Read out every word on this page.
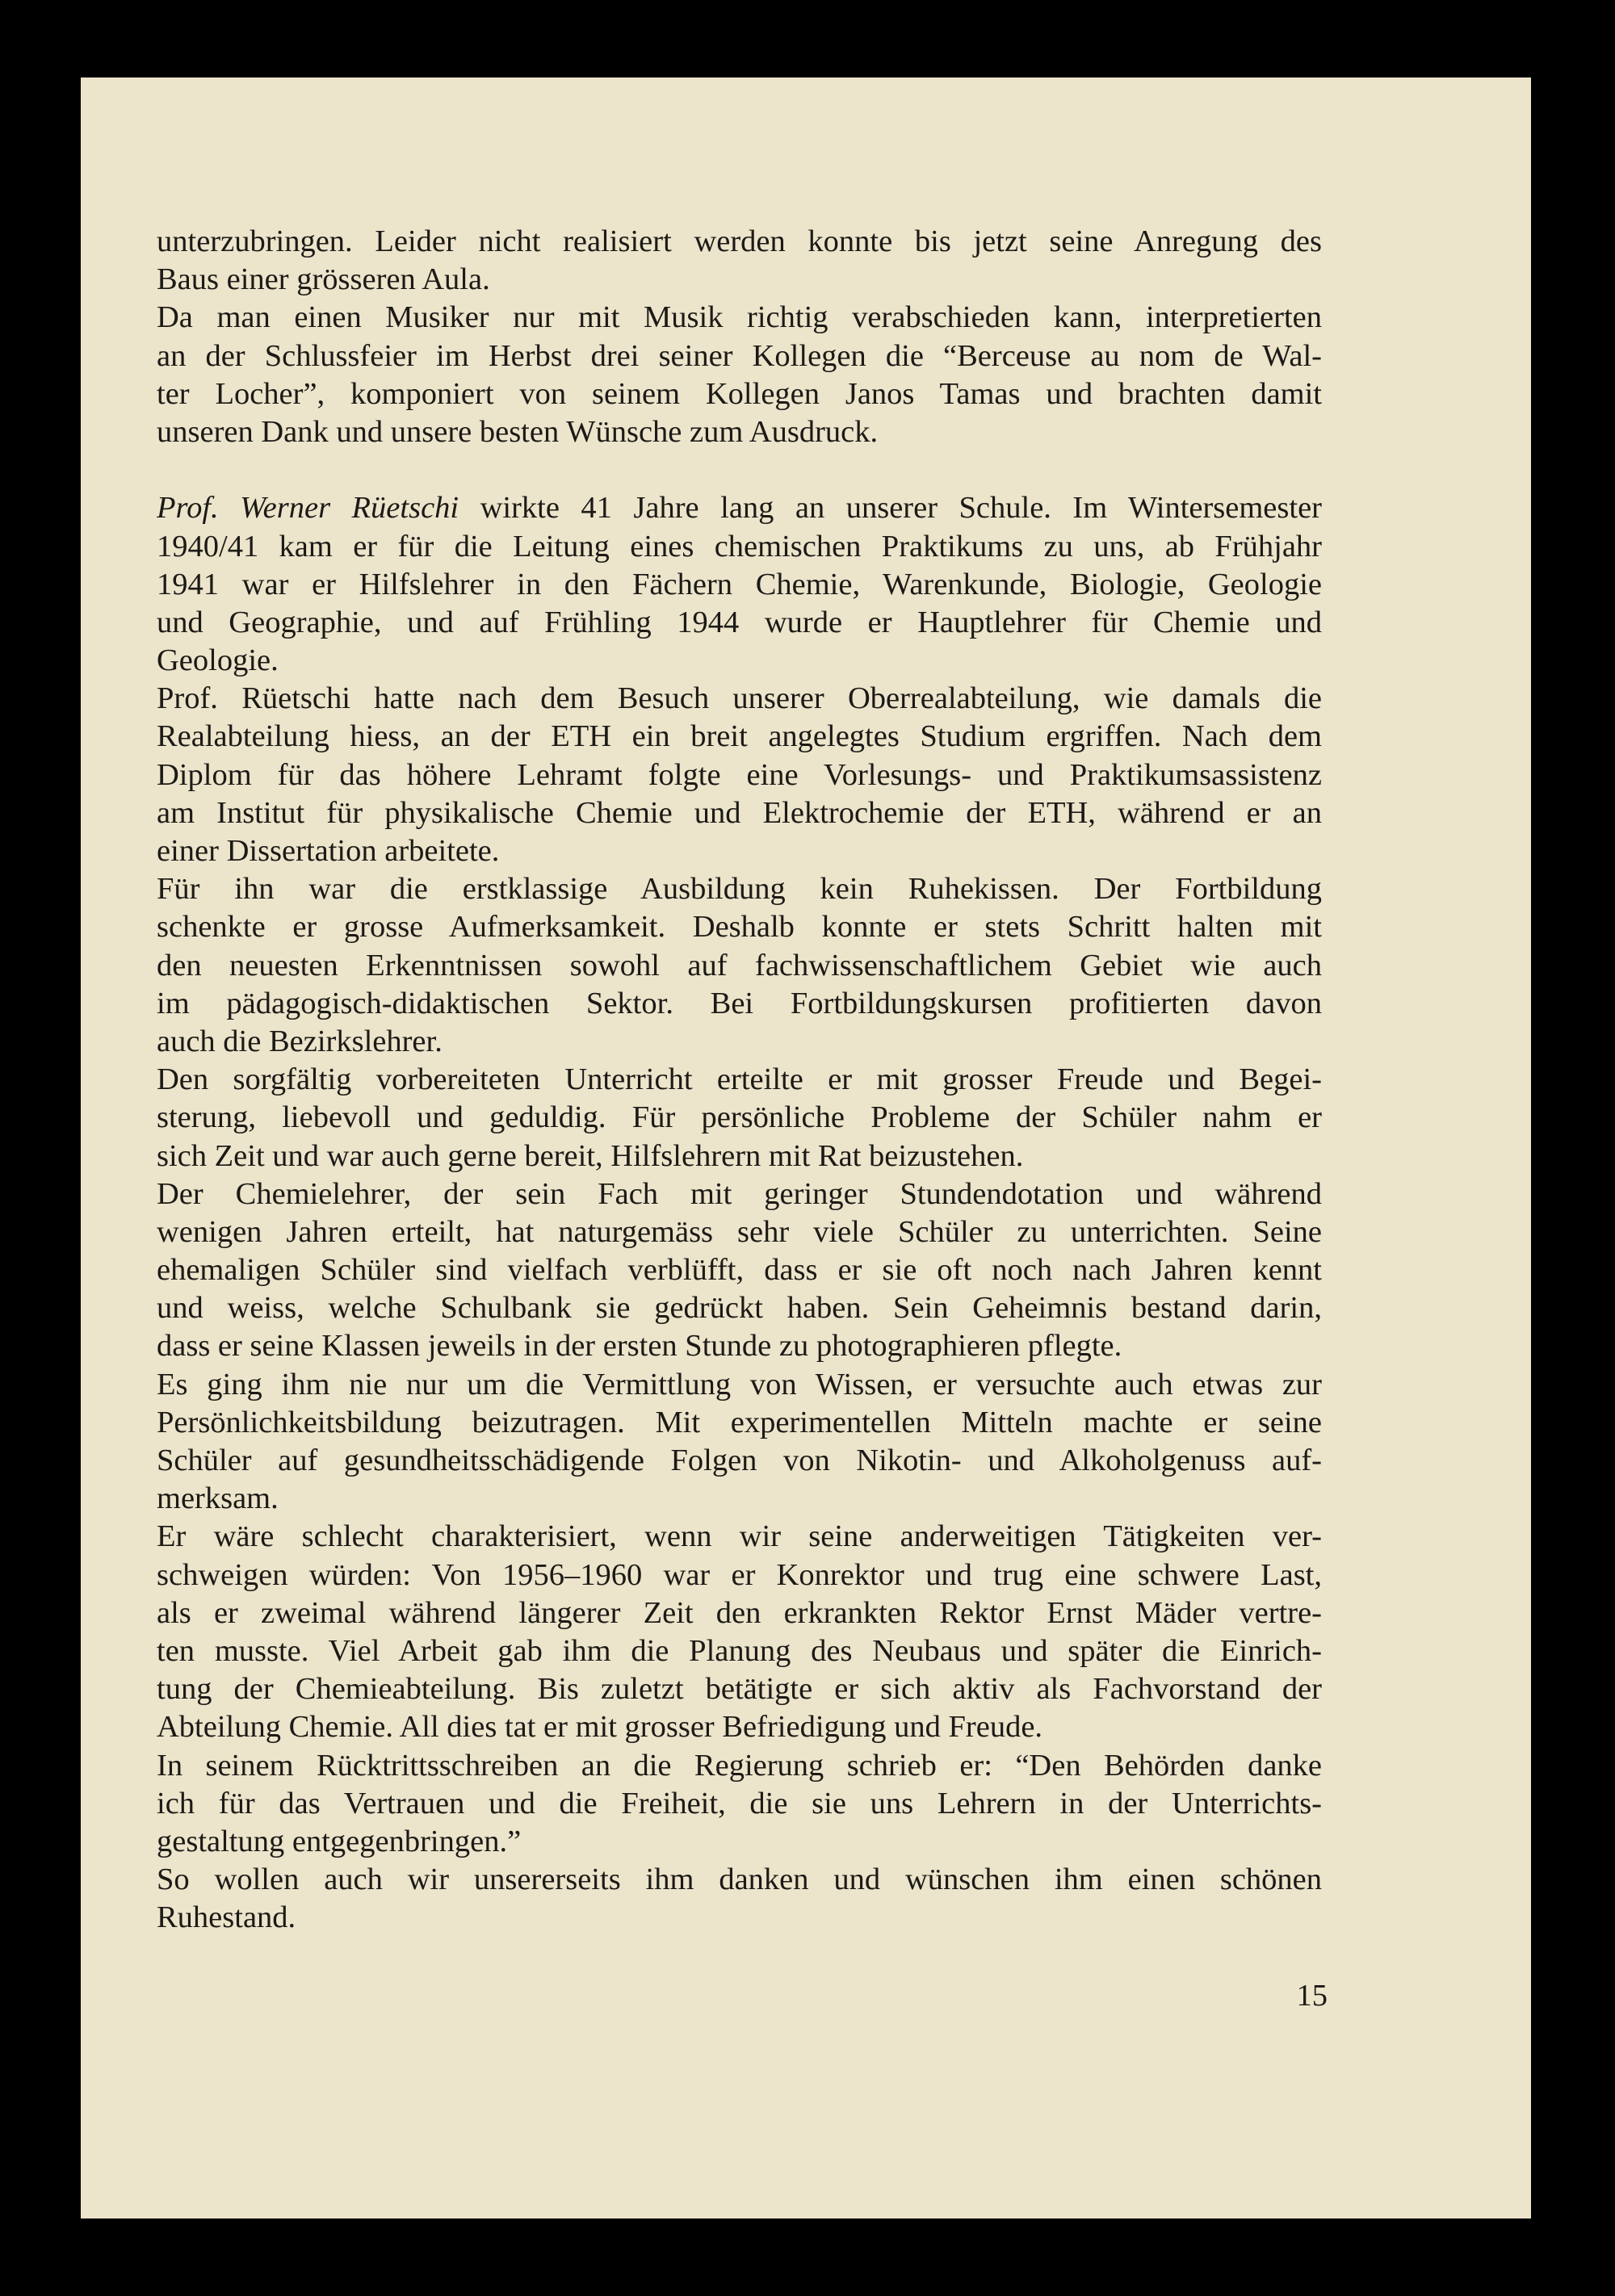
unterzubringen. Leider nicht realisiert werden konnte bis jetzt seine Anregung des
Baus einer grösseren Aula.
Da man einen Musiker nur mit Musik richtig verabschieden kann, interpretierten
an der Schlussfeier im Herbst drei seiner Kollegen die “Berceuse au nom de Wal-
ter Locher”, komponiert von seinem Kollegen Janos Tamas und brachten damit
unseren Dank und unsere besten Wünsche zum Ausdruck.
Prof. Werner Rüetschi wirkte 41 Jahre lang an unserer Schule. Im Wintersemester
1940/41 kam er für die Leitung eines chemischen Praktikums zu uns, ab Frühjahr
1941 war er Hilfslehrer in den Fächern Chemie, Warenkunde, Biologie, Geologie
und Geographie, und auf Frühling 1944 wurde er Hauptlehrer für Chemie und
Geologie.
Prof. Rüetschi hatte nach dem Besuch unserer Oberrealabteilung, wie damals die
Realabteilung hiess, an der ETH ein breit angelegtes Studium ergriffen. Nach dem
Diplom für das höhere Lehramt folgte eine Vorlesungs- und Praktikumsassistenz
am Institut für physikalische Chemie und Elektrochemie der ETH, während er an
einer Dissertation arbeitete.
Für ihn war die erstklassige Ausbildung kein Ruhekissen. Der Fortbildung
schenkte er grosse Aufmerksamkeit. Deshalb konnte er stets Schritt halten mit
den neuesten Erkenntnissen sowohl auf fachwissenschaftlichem Gebiet wie auch
im pädagogisch-didaktischen Sektor. Bei Fortbildungskursen profitierten davon
auch die Bezirkslehrer.
Den sorgfältig vorbereiteten Unterricht erteilte er mit grosser Freude und Begei-
sterung, liebevoll und geduldig. Für persönliche Probleme der Schüler nahm er
sich Zeit und war auch gerne bereit, Hilfslehrern mit Rat beizustehen.
Der Chemielehrer, der sein Fach mit geringer Stundendotation und während
wenigen Jahren erteilt, hat naturgemäss sehr viele Schüler zu unterrichten. Seine
ehemaligen Schüler sind vielfach verblüfft, dass er sie oft noch nach Jahren kennt
und weiss, welche Schulbank sie gedrückt haben. Sein Geheimnis bestand darin,
dass er seine Klassen jeweils in der ersten Stunde zu photographieren pflegte.
Es ging ihm nie nur um die Vermittlung von Wissen, er versuchte auch etwas zur
Persönlichkeitsbildung beizutragen. Mit experimentellen Mitteln machte er seine
Schüler auf gesundheitsschädigende Folgen von Nikotin- und Alkoholgenuss auf-
merksam.
Er wäre schlecht charakterisiert, wenn wir seine anderweitigen Tätigkeiten ver-
schweigen würden: Von 1956–1960 war er Konrektor und trug eine schwere Last,
als er zweimal während längerer Zeit den erkrankten Rektor Ernst Mäder vertre-
ten musste. Viel Arbeit gab ihm die Planung des Neubaus und später die Einrich-
tung der Chemieabteilung. Bis zuletzt betätigte er sich aktiv als Fachvorstand der
Abteilung Chemie. All dies tat er mit grosser Befriedigung und Freude.
In seinem Rücktrittsschreiben an die Regierung schrieb er: “Den Behörden danke
ich für das Vertrauen und die Freiheit, die sie uns Lehrern in der Unterrichts-
gestaltung entgegenbringen.”
So wollen auch wir unsererseits ihm danken und wünschen ihm einen schönen
Ruhestand.
15
